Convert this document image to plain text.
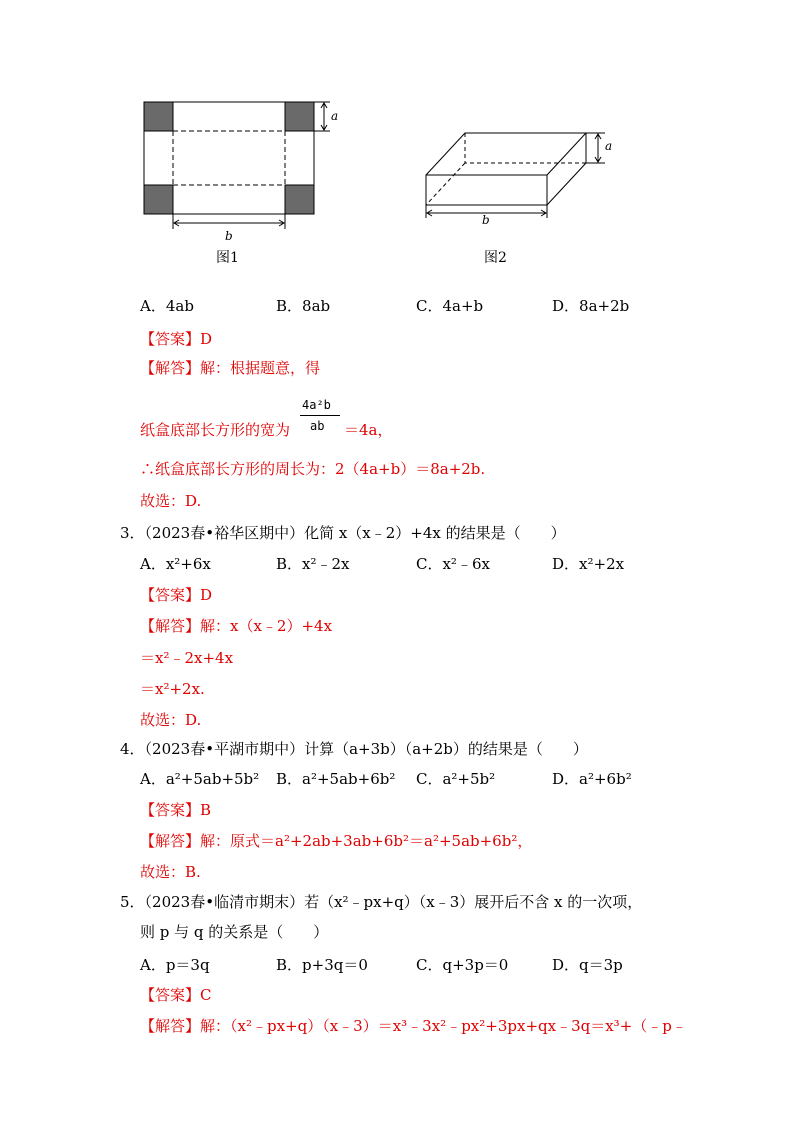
a
b
图1
a
b
图2
A．4ab	B．8ab	C．4a+b	D．8a+2b
【答案】D
【解答】解：根据题意，得
4a²b
ab
纸盒底部长方形的宽为	＝4a，
∴纸盒底部长方形的周长为：2（4a+b）＝8a+2b.
故选：D.
3．（2023春•裕华区期中）化简 x（x﹣2）+4x 的结果是（　　）
A．x²+6x	B．x²﹣2x	C．x²﹣6x	D．x²+2x
【答案】D
【解答】解：x（x﹣2）+4x
＝x²﹣2x+4x
＝x²+2x.
故选：D.
4．（2023春•平湖市期中）计算（a+3b）（a+2b）的结果是（　　）
A．a²+5ab+5b² B．a²+5ab+6b² C．a²+5b²	D．a²+6b²
【答案】B
【解答】解：原式＝a²+2ab+3ab+6b²＝a²+5ab+6b²，
故选：B.
5．（2023春•临清市期末）若（x²﹣px+q）（x﹣3）展开后不含 x 的一次项，
则 p 与 q 的关系是（　　）
A．p＝3q	B．p+3q＝0	C．q+3p＝0	D．q＝3p
【答案】C
【解答】解：（x²﹣px+q）（x﹣3）＝x³﹣3x²﹣px²+3px+qx﹣3q＝x³+（﹣p﹣
